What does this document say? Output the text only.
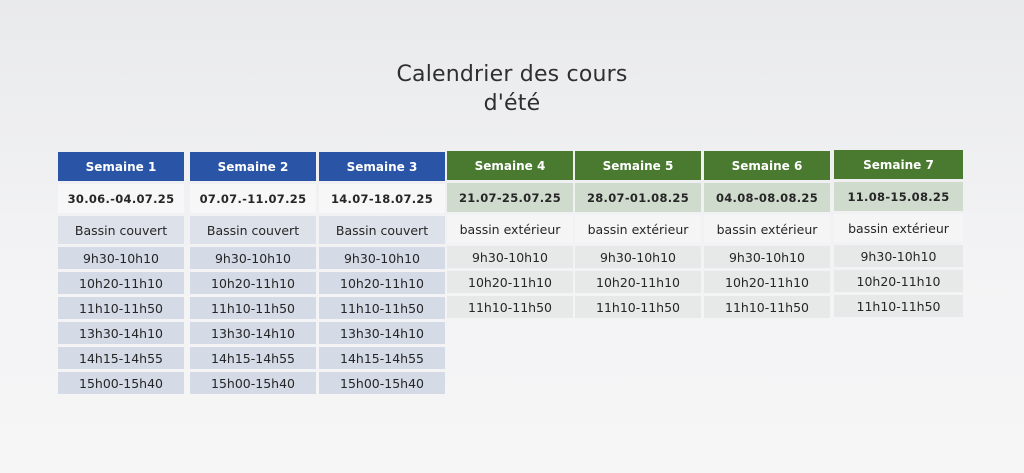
Calendrier des cours
d'été
Semaine 1
30.06.-04.07.25
Bassin couvert
9h30-10h10
10h20-11h10
11h10-11h50
13h30-14h10
14h15-14h55
15h00-15h40
Semaine 2
07.07.-11.07.25
Bassin couvert
9h30-10h10
10h20-11h10
11h10-11h50
13h30-14h10
14h15-14h55
15h00-15h40
Semaine 3
14.07-18.07.25
Bassin couvert
9h30-10h10
10h20-11h10
11h10-11h50
13h30-14h10
14h15-14h55
15h00-15h40
Semaine 4
21.07-25.07.25
bassin extérieur
9h30-10h10
10h20-11h10
11h10-11h50
Semaine 5
28.07-01.08.25
bassin extérieur
9h30-10h10
10h20-11h10
11h10-11h50
Semaine 6
04.08-08.08.25
bassin extérieur
9h30-10h10
10h20-11h10
11h10-11h50
Semaine 7
11.08-15.08.25
bassin extérieur
9h30-10h10
10h20-11h10
11h10-11h50
